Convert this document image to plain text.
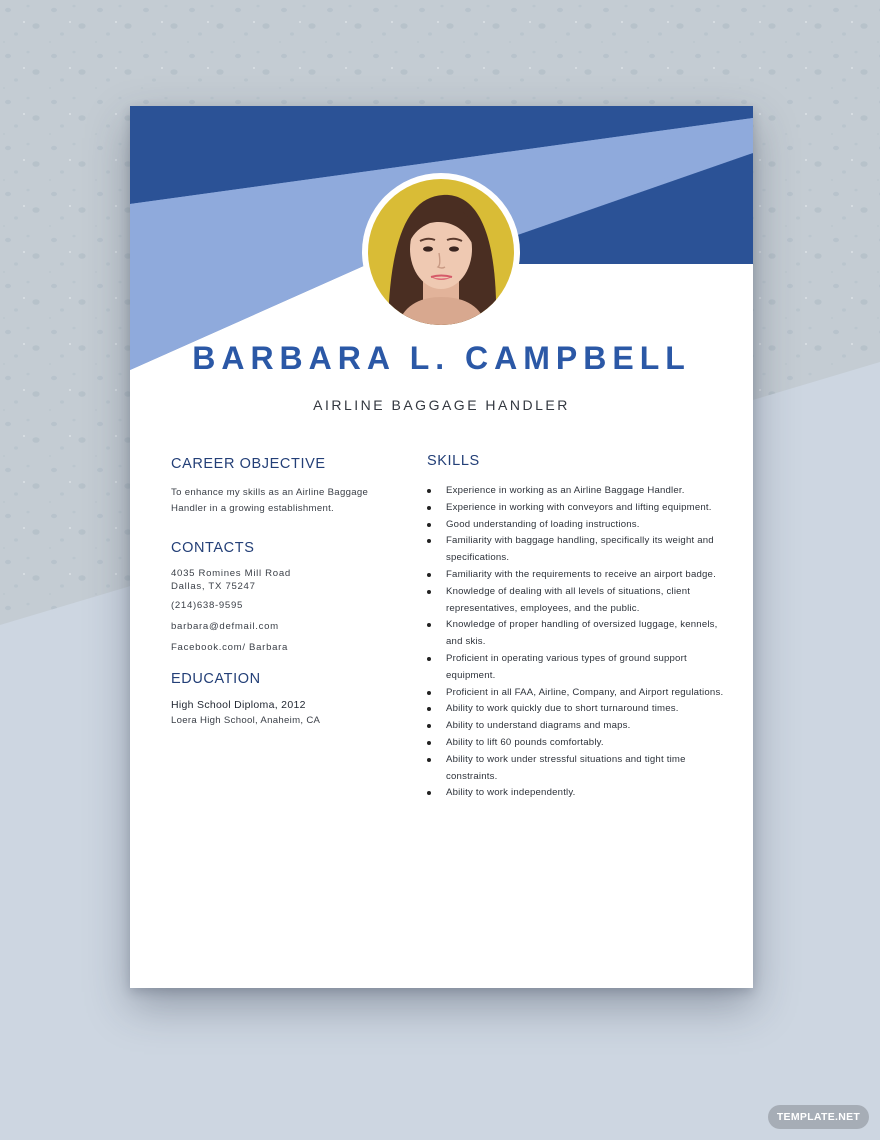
BARBARA L. CAMPBELL
AIRLINE BAGGAGE HANDLER
CAREER OBJECTIVE
To enhance my skills as an Airline Baggage Handler in a growing establishment.
CONTACTS
4035 Romines Mill Road
Dallas, TX 75247
(214)638-9595
barbara@defmail.com
Facebook.com/ Barbara
EDUCATION
High School Diploma, 2012
Loera High School, Anaheim, CA
SKILLS
Experience in working as an Airline Baggage Handler.
Experience in working with conveyors and lifting equipment.
Good understanding of loading instructions.
Familiarity with baggage handling, specifically its weight and specifications.
Familiarity with the requirements to receive an airport badge.
Knowledge of dealing with all levels of situations, client representatives, employees, and the public.
Knowledge of proper handling of oversized luggage, kennels, and skis.
Proficient in operating various types of ground support equipment.
Proficient in all FAA, Airline, Company, and Airport regulations.
Ability to work quickly due to short turnaround times.
Ability to understand diagrams and maps.
Ability to lift 60 pounds comfortably.
Ability to work under stressful situations and tight time constraints.
Ability to work independently.
TEMPLATE.NET
